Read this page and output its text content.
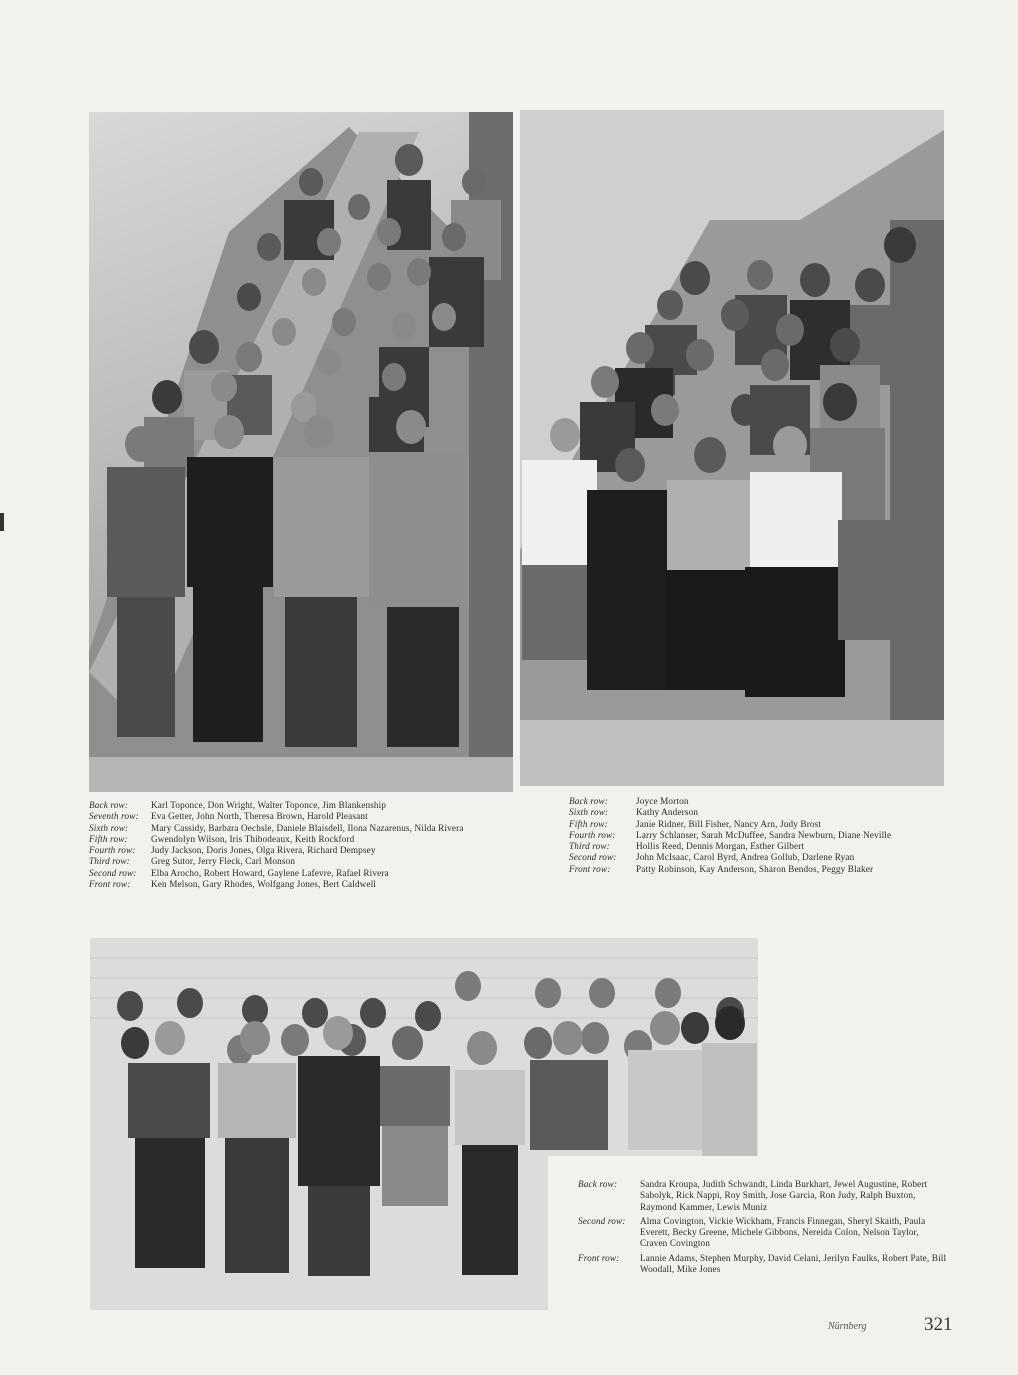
Back row:	Karl Toponce, Don Wright, Walter Toponce, Jim Blankenship
Seventh row:	Eva Getter, John North, Theresa Brown, Harold Pleasant
Sixth row:	Mary Cassidy, Barbara Oechsle, Daniele Blaisdell, Ilona Nazarenus, Nilda Rivera
Fifth row:	Gwendolyn Wilson, Iris Thibodeaux, Keith Rockford
Fourth row:	Judy Jackson, Doris Jones, Olga Rivera, Richard Dempsey
Third row:	Greg Sutor, Jerry Fleck, Carl Monson
Second row:	Elba Arocho, Robert Howard, Gaylene Lafevre, Rafael Rivera
Front row:	Ken Melson, Gary Rhodes, Wolfgang Jones, Bert Caldwell
Back row:	Joyce Morton
Sixth row:	Kathy Anderson
Fifth row:	Janie Ridner, Bill Fisher, Nancy Arn, Judy Brost
Fourth row:	Larry Schlanser, Sarah McDuffee, Sandra Newburn, Diane Neville
Third row:	Hollis Reed, Dennis Morgan, Esther Gilbert
Second row:	John McIsaac, Carol Byrd, Andrea Gollub, Darlene Ryan
Front row:	Patty Robinson, Kay Anderson, Sharon Bendos, Peggy Blaker
Back row:	Sandra Kroupa, Judith Schwandt, Linda Burkhart, Jewel Augustine, Robert Sabolyk, Rick Nappi, Roy Smith, Jose Garcia, Ron Judy, Ralph Buxton, Raymond Kammer, Lewis Muniz
Second row:	Alma Covington, Vickie Wickham, Francis Finnegan, Sheryl Skaith, Paula Everett, Becky Greene, Michele Gibbons, Nereida Colon, Nelson Taylor, Craven Covington
Front row:	Lannie Adams, Stephen Murphy, David Celani, Jerilyn Faulks, Robert Pate, Bill Woodall, Mike Jones
Nürnberg	321
